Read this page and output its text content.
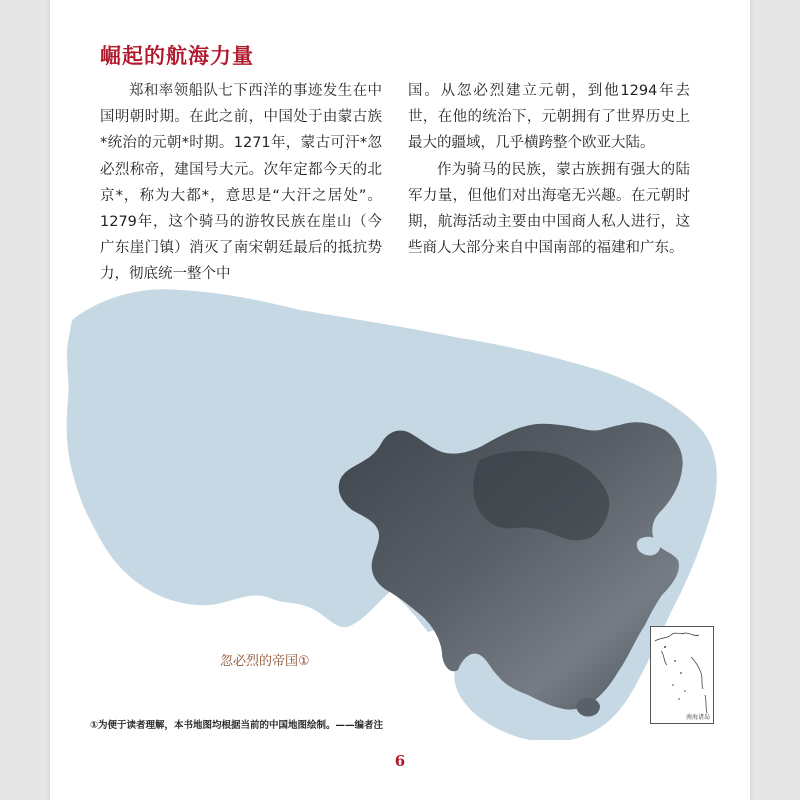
崛起的航海力量

郑和率领船队七下西洋的事迹发生在中国明朝时期。在此之前，中国处于由蒙古族*统治的元朝*时期。1271年，蒙古可汗*忽必烈称帝，建国号大元。次年定都今天的北京*，称为大都*，意思是“大汗之居处”。1279年，这个骑马的游牧民族在崖山（今广东崖门镇）消灭了南宋朝廷最后的抵抗势力，彻底统一整个中

国。从忽必烈建立元朝，到他1294年去世，在他的统治下，元朝拥有了世界历史上最大的疆域，几乎横跨整个欧亚大陆。

作为骑马的民族，蒙古族拥有强大的陆军力量，但他们对出海毫无兴趣。在元朝时期，航海活动主要由中国商人私人进行，这些商人大部分来自中国南部的福建和广东。

忽必烈的帝国①

南海诸岛

①为便于读者理解，本书地图均根据当前的中国地图绘制。——编者注

6
